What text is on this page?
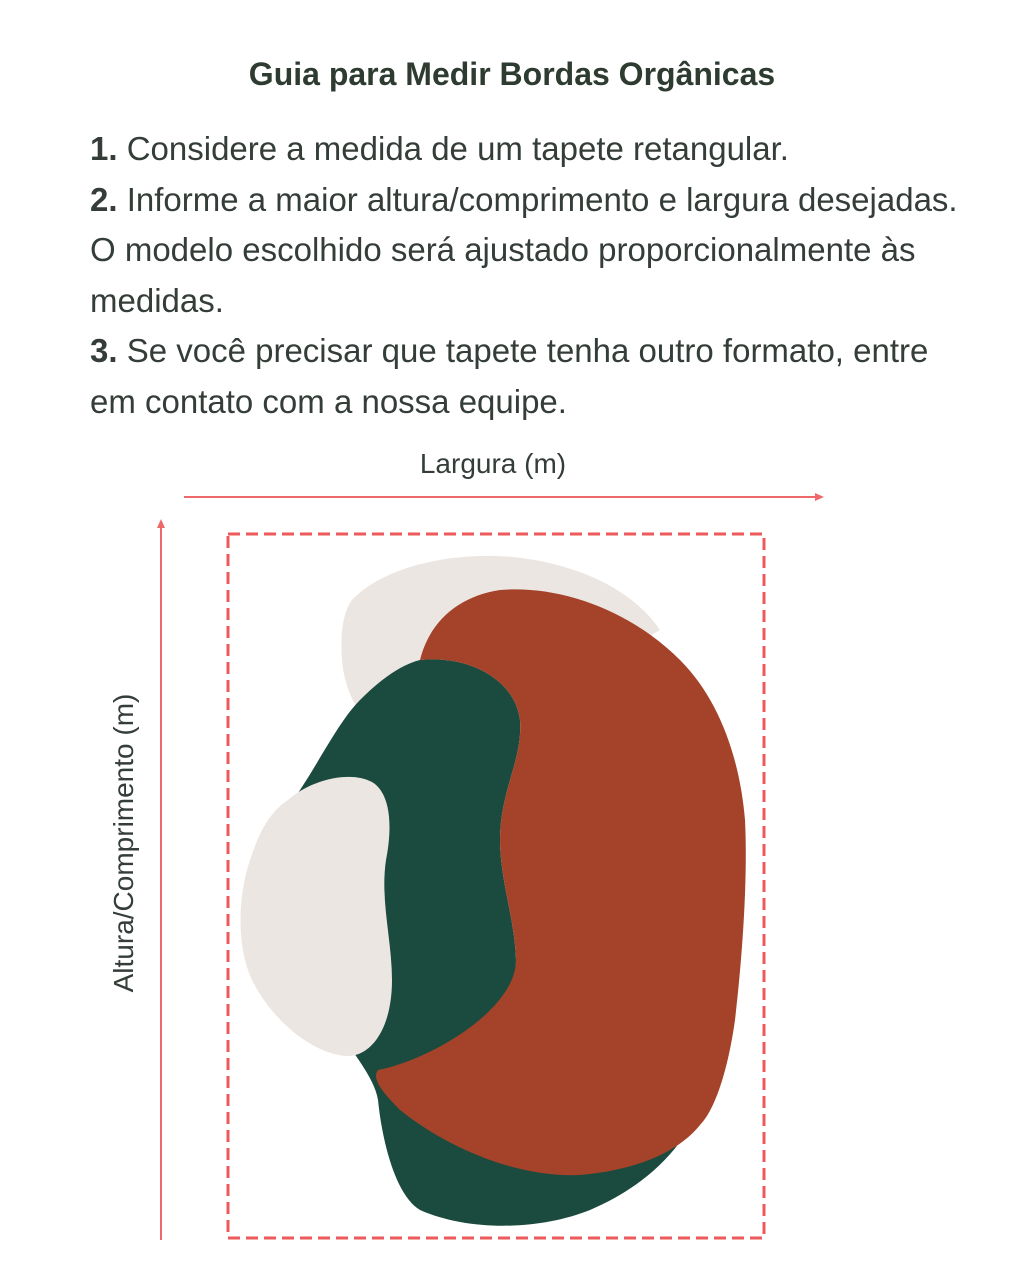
Guia para Medir Bordas Orgânicas
1. Considere a medida de um tapete retangular.
2. Informe a maior altura/comprimento e largura desejadas. O modelo escolhido será ajustado proporcionalmente às medidas.
3. Se você precisar que tapete tenha outro formato, entre em contato com a nossa equipe.
Largura (m)
Altura/Comprimento (m)
